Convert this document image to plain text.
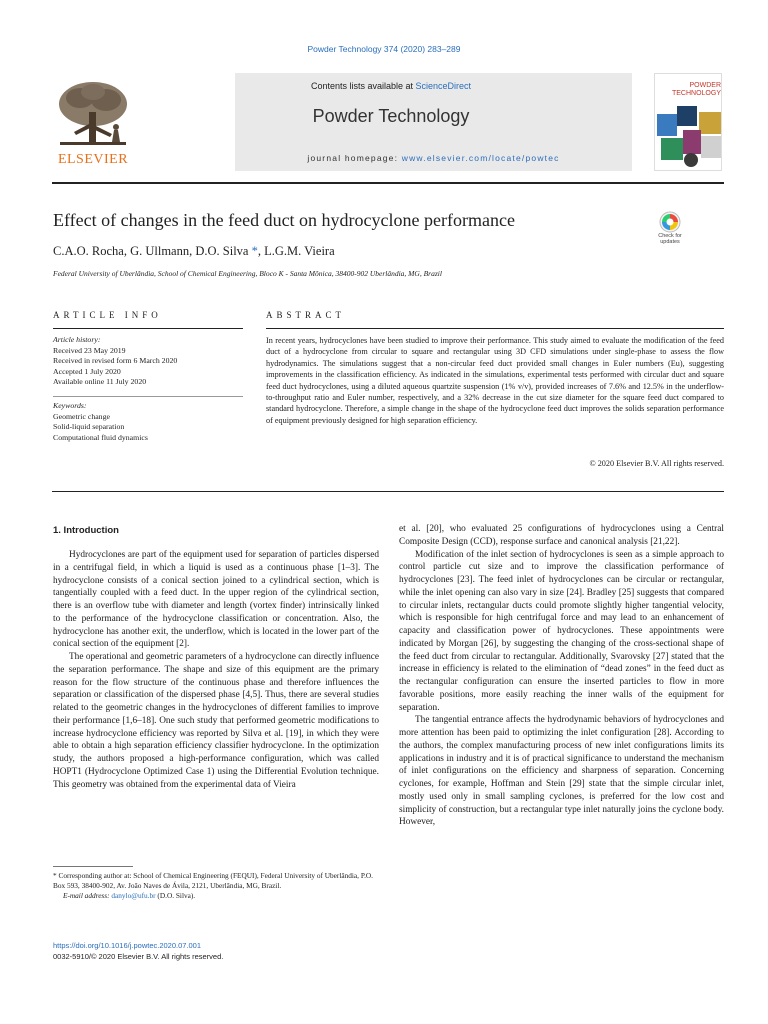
Powder Technology 374 (2020) 283–289
Contents lists available at ScienceDirect
Powder Technology
journal homepage: www.elsevier.com/locate/powtec
ELSEVIER
POWDER
TECHNOLOGY
Effect of changes in the feed duct on hydrocyclone performance
C.A.O. Rocha, G. Ullmann, D.O. Silva *, L.G.M. Vieira
Federal University of Uberlândia, School of Chemical Engineering, Bloco K - Santa Mônica, 38400-902 Uberlândia, MG, Brazil
Check for
updates
ARTICLE INFO	ABSTRACT
Article history:
Received 23 May 2019
Received in revised form 6 March 2020
Accepted 1 July 2020
Available online 11 July 2020
Keywords:
Geometric change
Solid-liquid separation
Computational fluid dynamics
In recent years, hydrocyclones have been studied to improve their performance. This study aimed to evaluate the modification of the feed duct of a hydrocyclone from circular to square and rectangular using 3D CFD simulations under single-phase to assess the flow hydrodynamics. The simulations suggest that a non-circular feed duct provided small changes in Euler numbers (Eu), suggesting improvements in the classification efficiency. As indicated in the simulations, experimental tests performed with circular duct and square feed duct hydrocyclones, using a diluted aqueous quartzite suspension (1% v/v), provided increases of 7.6% and 12.5% in the underflow-to-throughput ratio and Euler number, respectively, and a 32% decrease in the cut size diameter for the square feed duct compared to standard hydrocyclone. Therefore, a simple change in the shape of the hydrocyclone feed duct improves the solids separation performance of equipment previously designed for high separation efficiency.
© 2020 Elsevier B.V. All rights reserved.
1. Introduction

Hydrocyclones are part of the equipment used for separation of particles dispersed in a centrifugal field, in which a liquid is used as a continuous phase [1–3]. The hydrocyclone consists of a conical section joined to a cylindrical section, which is tangentially coupled with a feed duct. In the upper region of the cylindrical section, there is an overflow tube with diameter and length (vortex finder) intrinsically linked to the performance of the hydrocyclone classification or concentration. Also, the hydrocyclone has another exit, the underflow, which is located in the lower part of the conical section of the equipment [2].

The operational and geometric parameters of a hydrocyclone can directly influence the separation performance. The shape and size of this equipment are the primary reason for the flow structure of the continuous phase and therefore influences the separation or classification of the dispersed phase [4,5]. Thus, there are several studies related to the geometric changes in the hydrocyclones of different families to improve their performance [1,6–18]. One such study that performed geometric modifications to increase hydrocyclone efficiency was reported by Silva et al. [19], in which they were able to obtain a high separation efficiency classifier hydrocyclone. In the optimization study, the authors proposed a high-performance configuration, which was called HOPT1 (Hydrocyclone Optimized Case 1) using the Differential Evolution technique. This geometry was obtained from the experimental data of Vieira

et al. [20], who evaluated 25 configurations of hydrocyclones using a Central Composite Design (CCD), response surface and canonical analysis [21,22].

Modification of the inlet section of hydrocyclones is seen as a simple approach to control particle cut size and to improve the classification performance of hydrocyclones [23]. The feed inlet of hydrocyclones can be circular or rectangular, while the inlet opening can also vary in size [24]. Bradley [25] suggests that compared to circular inlets, rectangular ducts could promote slightly higher tangential velocity, which is responsible for high centrifugal force and may lead to an enhancement of capacity and classification power of hydrocyclones. These appointments were indicated by Morgan [26], by suggesting the changing of the cross-sectional shape of the feed duct from circular to rectangular. Additionally, Svarovsky [27] stated that the increase in efficiency is related to the elimination of “dead zones” in the feed duct as the rectangular configuration can ensure the inserted particles to flow in more favorable positions, more easily reaching the inner walls of the equipment for separation.

The tangential entrance affects the hydrodynamic behaviors of hydrocyclones and more attention has been paid to optimizing the inlet configuration [28]. According to the authors, the complex manufacturing process of new inlet configurations limits its applications in industry and it is of practical significance to understand the mechanism of inlet configurations on the efficiency and sharpness of separation. Concerning cyclones, for example, Hoffman and Stein [29] state that the simple circular inlet, mostly used only in small sampling cyclones, is preferred for the low cost and simplicity of construction, but a rectangular type inlet naturally joins the cyclone body. However,

* Corresponding author at: School of Chemical Engineering (FEQUI), Federal University of Uberlândia, P.O. Box 593, 38400-902, Av. João Naves de Ávila, 2121, Uberlândia, MG, Brazil.
E-mail address: danylo@ufu.br (D.O. Silva).
https://doi.org/10.1016/j.powtec.2020.07.001
0032-5910/© 2020 Elsevier B.V. All rights reserved.
